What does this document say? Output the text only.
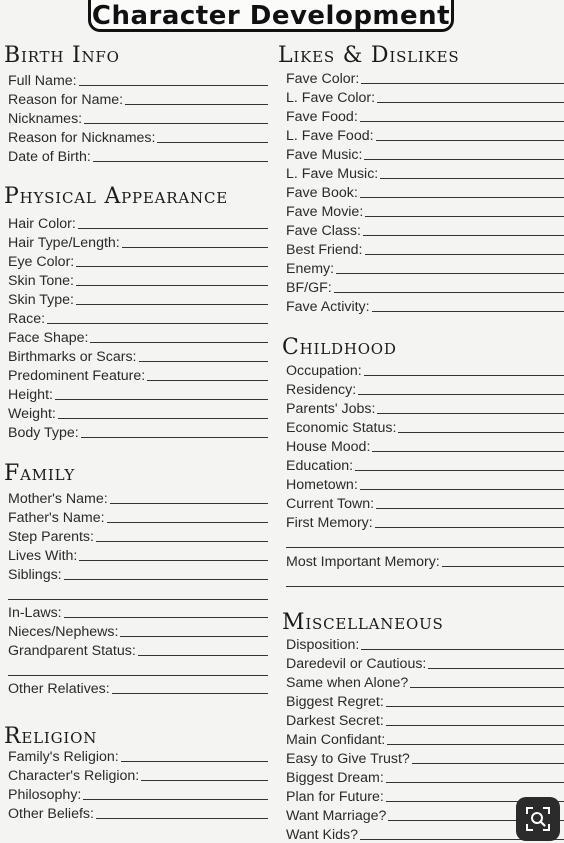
Character Development
Birth Info
Full Name:
Reason for Name:
Nicknames:
Reason for Nicknames:
Date of Birth:
Physical Appearance
Hair Color:
Hair Type/Length:
Eye Color:
Skin Tone:
Skin Type:
Race:
Face Shape:
Birthmarks or Scars:
Predominent Feature:
Height:
Weight:
Body Type:
Family
Mother's Name:
Father's Name:
Step Parents:
Lives With:
Siblings:
In-Laws:
Nieces/Nephews:
Grandparent Status:
Other Relatives:
Religion
Family's Religion:
Character's Religion:
Philosophy:
Other Beliefs:
Likes & Dislikes
Fave Color:
L. Fave Color:
Fave Food:
L. Fave Food:
Fave Music:
L. Fave Music:
Fave Book:
Fave Movie:
Fave Class:
Best Friend:
Enemy:
BF/GF:
Fave Activity:
Childhood
Occupation:
Residency:
Parents' Jobs:
Economic Status:
House Mood:
Education:
Hometown:
Current Town:
First Memory:
Most Important Memory:
Miscellaneous
Disposition:
Daredevil or Cautious:
Same when Alone?
Biggest Regret:
Darkest Secret:
Main Confidant:
Easy to Give Trust?
Biggest Dream:
Plan for Future:
Want Marriage?
Want Kids?
